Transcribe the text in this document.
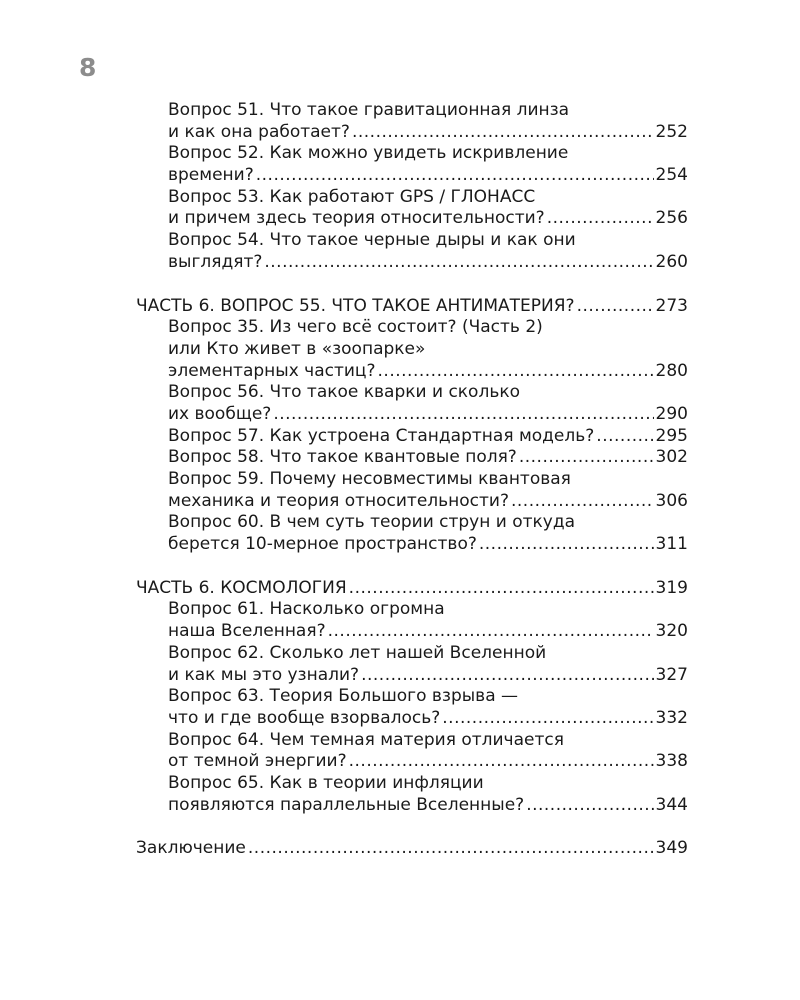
8
Вопрос 51. Что такое гравитационная линза
и как она работает? .....	252
Вопрос 52. Как можно увидеть искривление
времени? .....	254
Вопрос 53. Как работают GPS / ГЛОНАСС
и причем здесь теория относительности? .....	256
Вопрос 54. Что такое черные дыры и как они
выглядят? .....	260
ЧАСТЬ 6. ВОПРОС 55. ЧТО ТАКОЕ АНТИМАТЕРИЯ? .....	273
Вопрос 35. Из чего всё состоит? (Часть 2)
или Кто живет в «зоопарке»
элементарных частиц? .....	280
Вопрос 56. Что такое кварки и сколько
их вообще? .....	290
Вопрос 57. Как устроена Стандартная модель? .....	295
Вопрос 58. Что такое квантовые поля? .....	302
Вопрос 59. Почему несовместимы квантовая
механика и теория относительности? .....	306
Вопрос 60. В чем суть теории струн и откуда
берется 10-мерное пространство? .....	311
ЧАСТЬ 6. КОСМОЛОГИЯ .....	319
Вопрос 61. Насколько огромна
наша Вселенная? .....	320
Вопрос 62. Сколько лет нашей Вселенной
и как мы это узнали? .....	327
Вопрос 63. Теория Большого взрыва —
что и где вообще взорвалось? .....	332
Вопрос 64. Чем темная материя отличается
от темной энергии? .....	338
Вопрос 65. Как в теории инфляции
появляются параллельные Вселенные? .....	344
Заключение .....	349
